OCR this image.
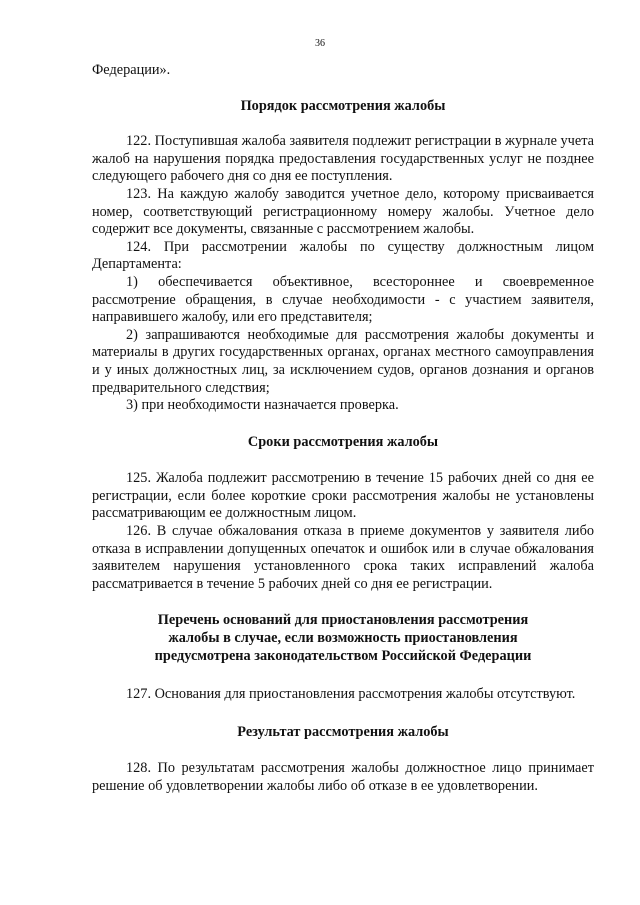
36

Федерации».

Порядок рассмотрения жалобы

122. Поступившая жалоба заявителя подлежит регистрации в журнале учета жалоб на нарушения порядка предоставления государственных услуг не позднее следующего рабочего дня со дня ее поступления.

123. На каждую жалобу заводится учетное дело, которому присваивается номер, соответствующий регистрационному номеру жалобы. Учетное дело содержит все документы, связанные с рассмотрением жалобы.

124. При рассмотрении жалобы по существу должностным лицом Департамента:

1) обеспечивается объективное, всестороннее и своевременное рассмотрение обращения, в случае необходимости - с участием заявителя, направившего жалобу, или его представителя;

2) запрашиваются необходимые для рассмотрения жалобы документы и материалы в других государственных органах, органах местного самоуправления и у иных должностных лиц, за исключением судов, органов дознания и органов предварительного следствия;

3) при необходимости назначается проверка.

Сроки рассмотрения жалобы

125. Жалоба подлежит рассмотрению в течение 15 рабочих дней со дня ее регистрации, если более короткие сроки рассмотрения жалобы не установлены рассматривающим ее должностным лицом.

126. В случае обжалования отказа в приеме документов у заявителя либо отказа в исправлении допущенных опечаток и ошибок или в случае обжалования заявителем нарушения установленного срока таких исправлений жалоба рассматривается в течение 5 рабочих дней со дня ее регистрации.

Перечень оснований для приостановления рассмотрения

жалобы в случае, если возможность приостановления

предусмотрена законодательством Российской Федерации

127. Основания для приостановления рассмотрения жалобы отсутствуют.

Результат рассмотрения жалобы

128. По результатам рассмотрения жалобы должностное лицо принимает решение об удовлетворении жалобы либо об отказе в ее удовлетворении.
